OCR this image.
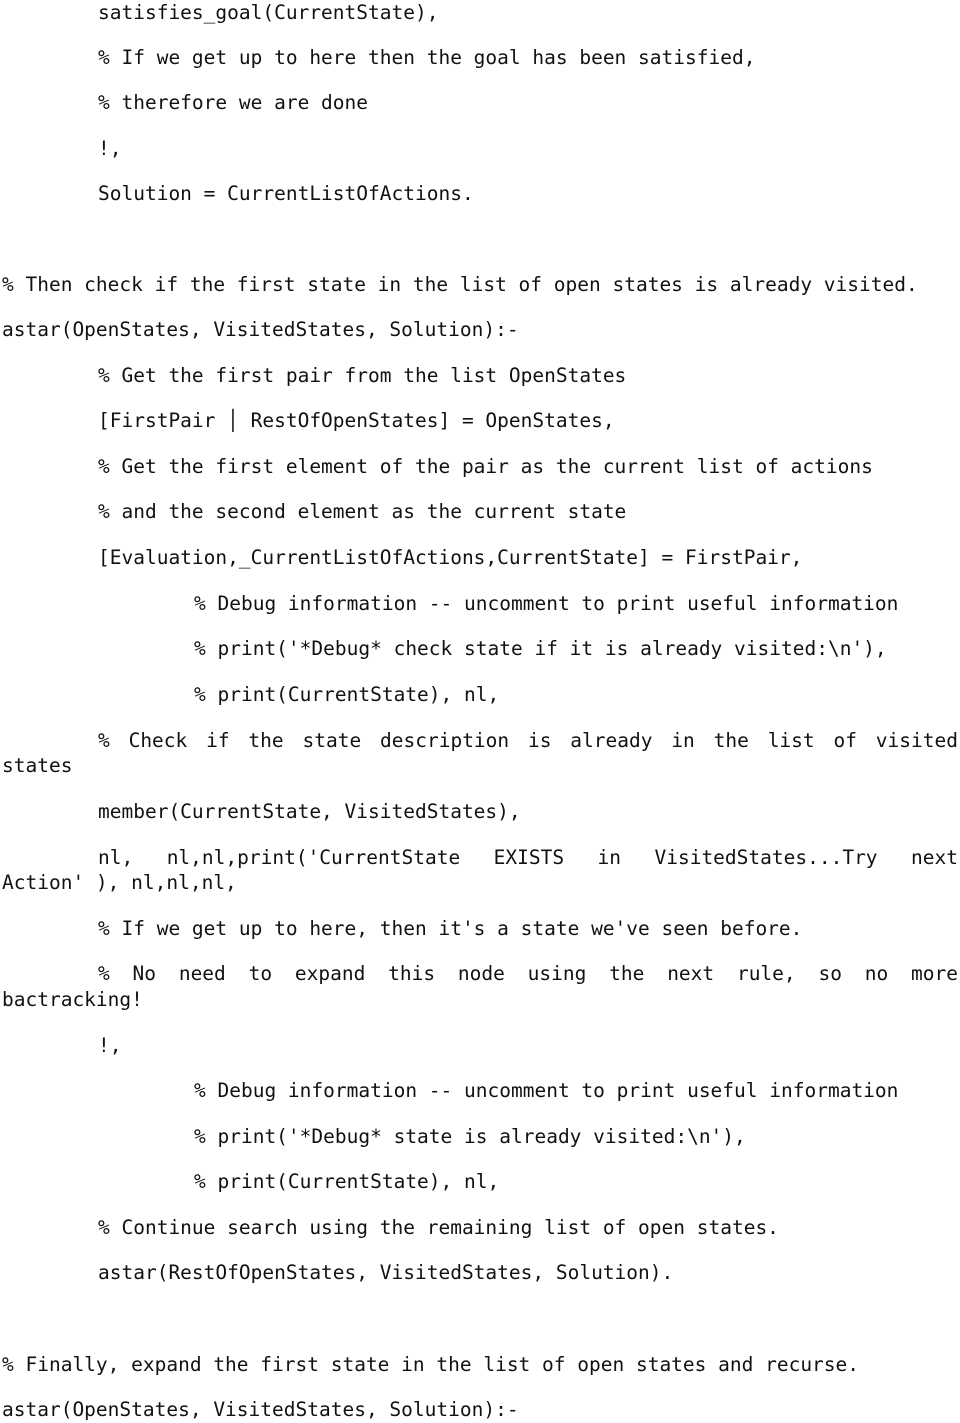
satisfies_goal(CurrentState),
% If we get up to here then the goal has been satisfied,
% therefore we are done
!,
Solution = CurrentListOfActions.
% Then check if the first state in the list of open states is already visited.
astar(OpenStates, VisitedStates, Solution):-
% Get the first pair from the list OpenStates
[FirstPair │ RestOfOpenStates] = OpenStates,
% Get the first element of the pair as the current list of actions
% and the second element as the current state
[Evaluation,_CurrentListOfActions,CurrentState] = FirstPair,
% Debug information -- uncomment to print useful information
% print('*Debug* check state if it is already visited:\n'),
% print(CurrentState), nl,
% Check if the state description is already in the list of visited
states
member(CurrentState, VisitedStates),
nl, nl,nl,print('CurrentState EXISTS in VisitedStates...Try next
Action' ), nl,nl,nl,
% If we get up to here, then it's a state we've seen before.
% No need to expand this node using the next rule, so no more
bactracking!
!,
% Debug information -- uncomment to print useful information
% print('*Debug* state is already visited:\n'),
% print(CurrentState), nl,
% Continue search using the remaining list of open states.
astar(RestOfOpenStates, VisitedStates, Solution).
% Finally, expand the first state in the list of open states and recurse.
astar(OpenStates, VisitedStates, Solution):-
